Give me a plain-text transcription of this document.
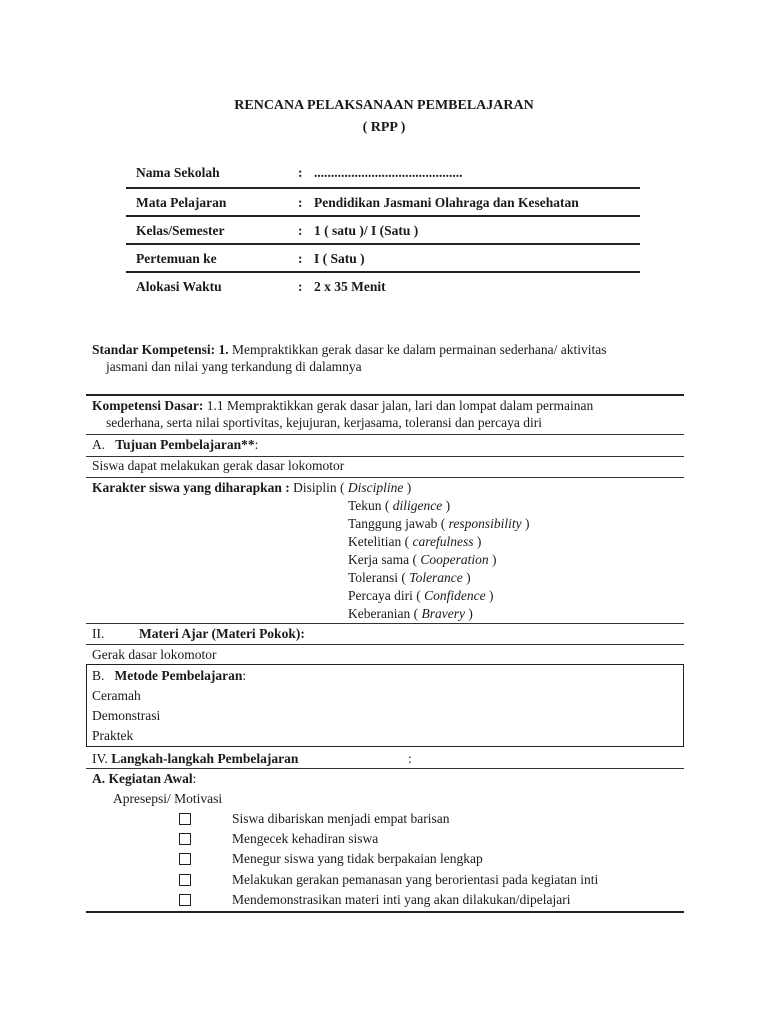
RENCANA PELAKSANAAN PEMBELAJARAN
( RPP )
Nama Sekolah	: ............................................
Mata Pelajaran	: Pendidikan Jasmani Olahraga dan Kesehatan
Kelas/Semester	: 1 ( satu )/ I (Satu )
Pertemuan ke	: I ( Satu )
Alokasi Waktu	: 2 x 35 Menit
Standar Kompetensi: 1. Mempraktikkan gerak dasar ke dalam permainan sederhana/ aktivitas
jasmani dan nilai yang terkandung di dalamnya
Kompetensi Dasar: 1.1 Mempraktikkan gerak dasar jalan, lari dan lompat dalam permainan
sederhana, serta nilai sportivitas, kejujuran, kerjasama, toleransi dan percaya diri
A. Tujuan Pembelajaran**:
Siswa dapat melakukan gerak dasar lokomotor
Karakter siswa yang diharapkan : Disiplin ( Discipline )
Tekun ( diligence )
Tanggung jawab ( responsibility )
Ketelitian ( carefulness )
Kerja sama ( Cooperation )
Toleransi ( Tolerance )
Percaya diri ( Confidence )
Keberanian ( Bravery )
II.	Materi Ajar (Materi Pokok):
Gerak dasar lokomotor
B. Metode Pembelajaran:
Ceramah
Demonstrasi
Praktek
IV. Langkah-langkah Pembelajaran	:
A. Kegiatan Awal:
Apresepsi/ Motivasi
Siswa dibariskan menjadi empat barisan
Mengecek kehadiran siswa
Menegur siswa yang tidak berpakaian lengkap
Melakukan gerakan pemanasan yang berorientasi pada kegiatan inti
Mendemonstrasikan materi inti yang akan dilakukan/dipelajari
